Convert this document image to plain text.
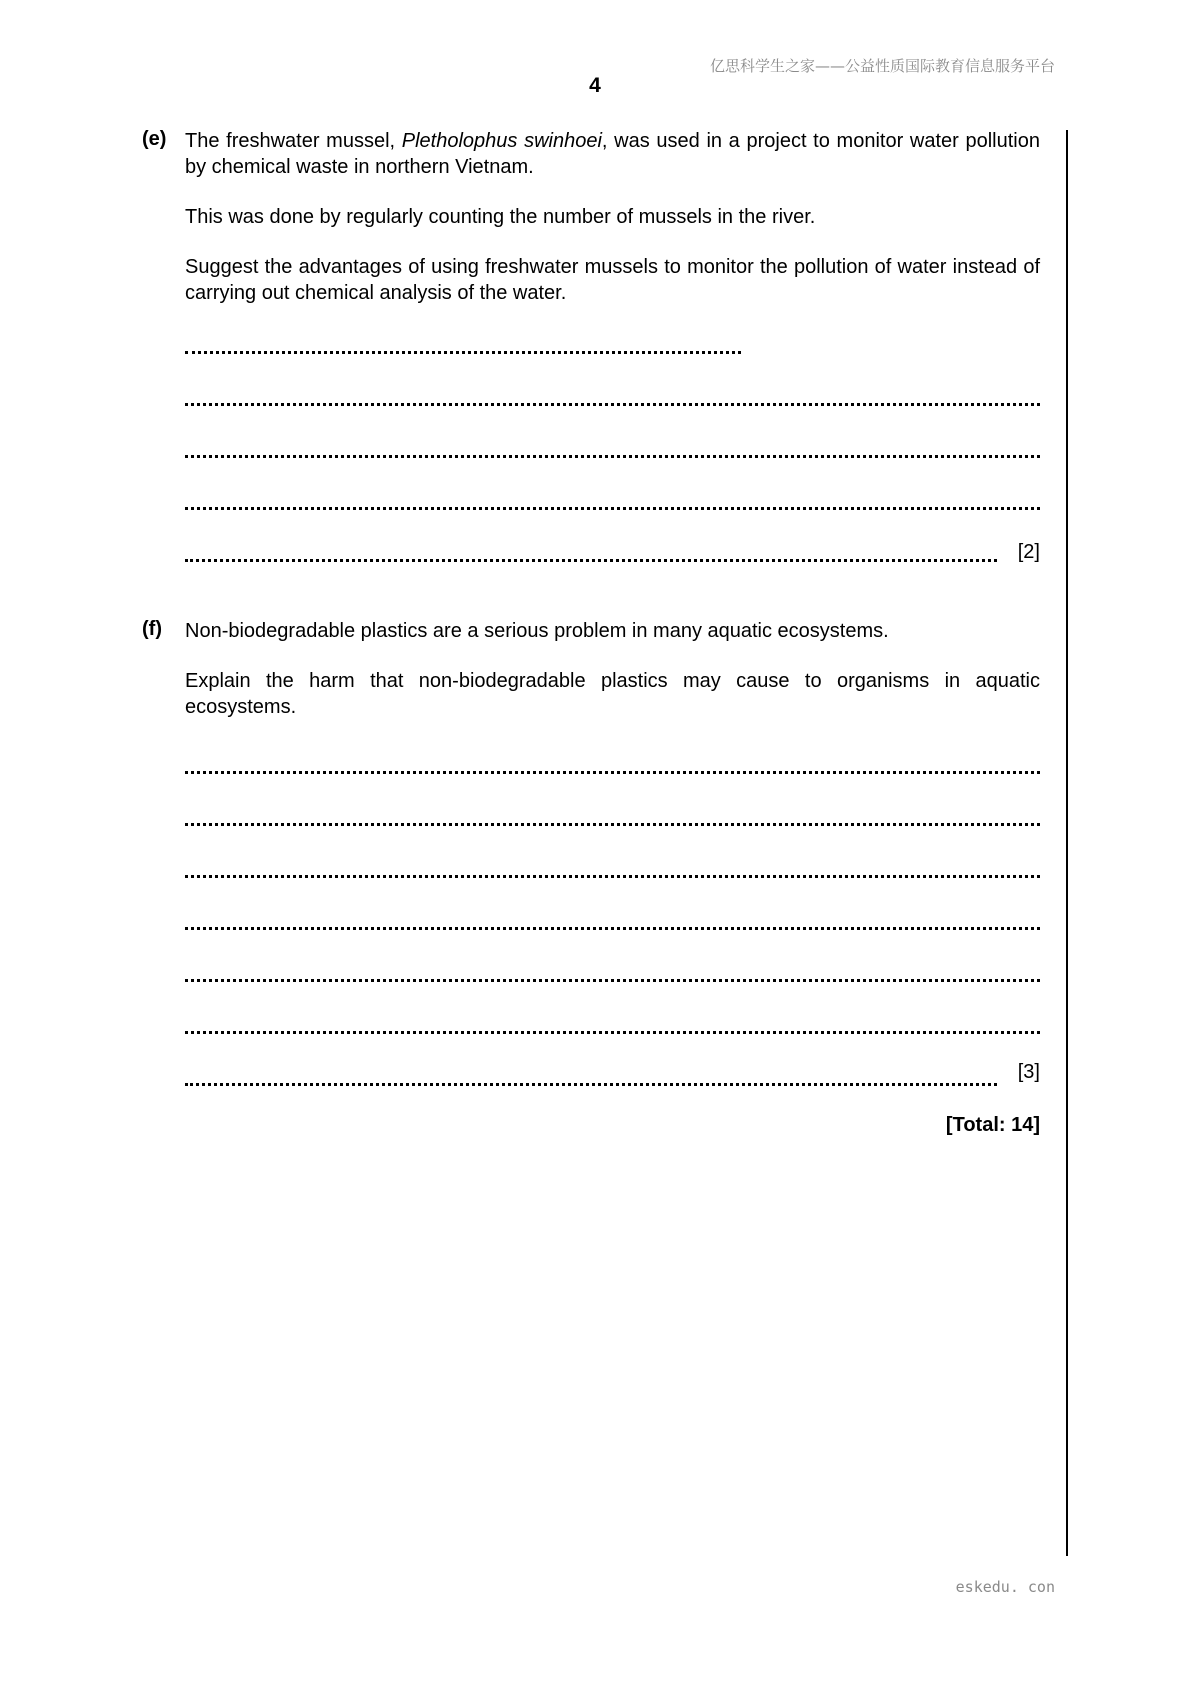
亿思科学生之家——公益性质国际教育信息服务平台
4
(e) The freshwater mussel, Pletholophus swinhoei, was used in a project to monitor water pollution by chemical waste in northern Vietnam.

This was done by regularly counting the number of mussels in the river.

Suggest the advantages of using freshwater mussels to monitor the pollution of water instead of carrying out chemical analysis of the water.

[2]
(f) Non-biodegradable plastics are a serious problem in many aquatic ecosystems.

Explain the harm that non-biodegradable plastics may cause to organisms in aquatic ecosystems.

[3]
[Total: 14]
eskedu. con
